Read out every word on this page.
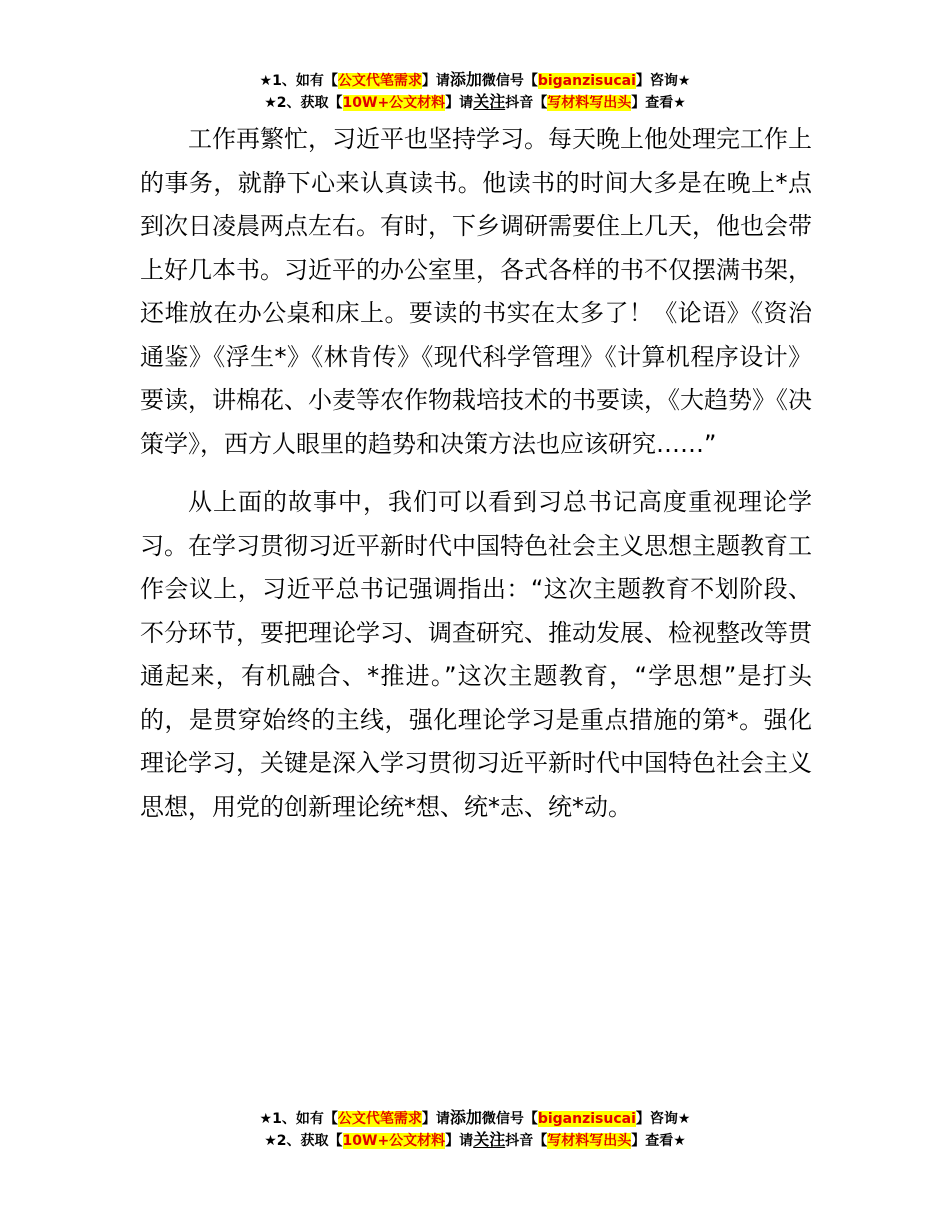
★1、如有【公文代笔需求】请添加微信号【biganzisucai】咨询★
★2、获取【10W+公文材料】请关注抖音【写材料写出头】查看★

工作再繁忙，习近平也坚持学习。每天晚上他处理完工作上的事务，就静下心来认真读书。他读书的时间大多是在晚上*点到次日凌晨两点左右。有时，下乡调研需要住上几天，他也会带上好几本书。习近平的办公室里，各式各样的书不仅摆满书架，还堆放在办公桌和床上。要读的书实在太多了！《论语》《资治通鉴》《浮生*》《林肯传》《现代科学管理》《计算机程序设计》要读，讲棉花、小麦等农作物栽培技术的书要读，《大趋势》《决策学》，西方人眼里的趋势和决策方法也应该研究……”

从上面的故事中，我们可以看到习总书记高度重视理论学习。在学习贯彻习近平新时代中国特色社会主义思想主题教育工作会议上，习近平总书记强调指出：“这次主题教育不划阶段、不分环节，要把理论学习、调查研究、推动发展、检视整改等贯通起来，有机融合、*推进。”这次主题教育，“学思想”是打头的，是贯穿始终的主线，强化理论学习是重点措施的第*。强化理论学习，关键是深入学习贯彻习近平新时代中国特色社会主义思想，用党的创新理论统*想、统*志、统*动。

★1、如有【公文代笔需求】请添加微信号【biganzisucai】咨询★
★2、获取【10W+公文材料】请关注抖音【写材料写出头】查看★
